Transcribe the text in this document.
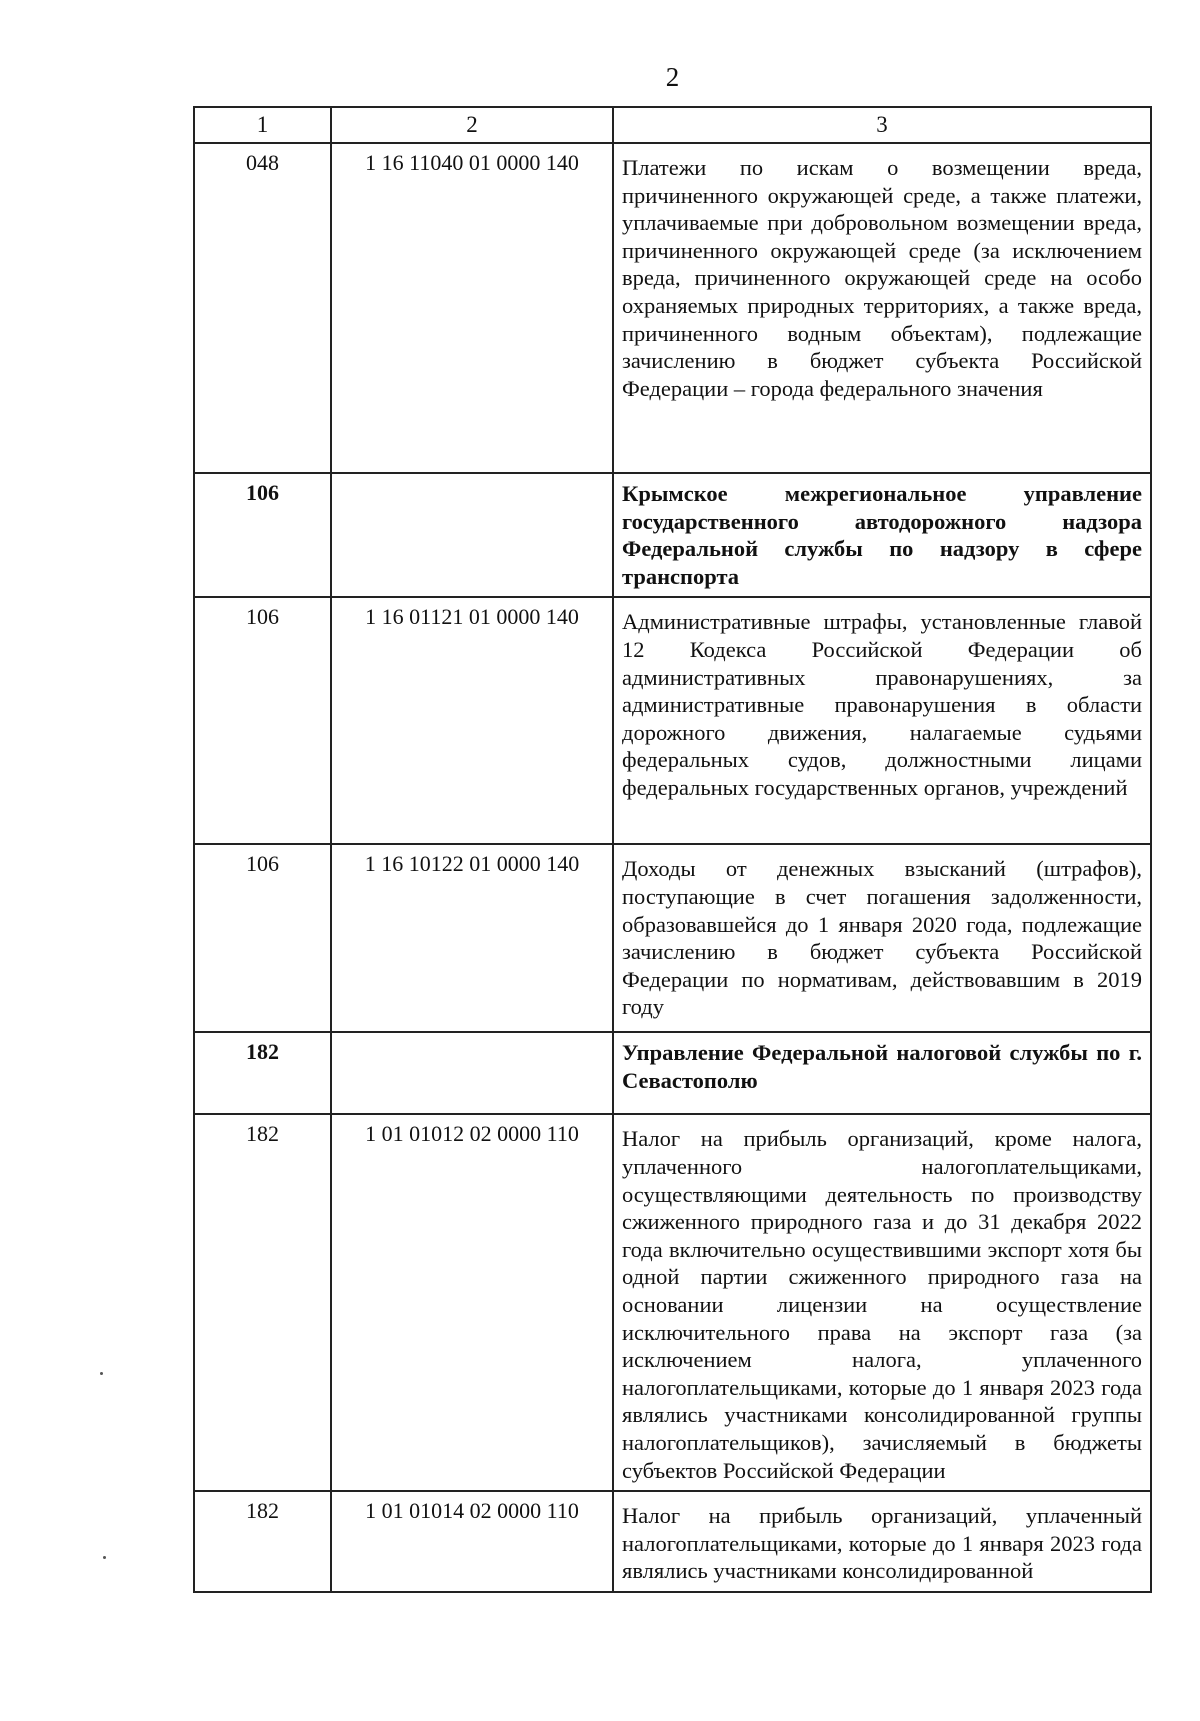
2
1	2	3
048	1 16 11040 01 0000 140	Платежи по искам о возмещении вреда, причиненного окружающей среде, а также платежи, уплачиваемые при добровольном возмещении вреда, причиненного окружающей среде (за исключением вреда, причиненного окружающей среде на особо охраняемых природных территориях, а также вреда, причиненного водным объектам), подлежащие зачислению в бюджет субъекта Российской Федерации – города федерального значения
106		Крымское межрегиональное управление государственного автодорожного надзора Федеральной службы по надзору в сфере транспорта
106	1 16 01121 01 0000 140	Административные штрафы, установленные главой 12 Кодекса Российской Федерации об административных правонарушениях, за административные правонарушения в области дорожного движения, налагаемые судьями федеральных судов, должностными лицами федеральных государственных органов, учреждений
106	1 16 10122 01 0000 140	Доходы от денежных взысканий (штрафов), поступающие в счет погашения задолженности, образовавшейся до 1 января 2020 года, подлежащие зачислению в бюджет субъекта Российской Федерации по нормативам, действовавшим в 2019 году
182		Управление Федеральной налоговой службы по г. Севастополю
182	1 01 01012 02 0000 110	Налог на прибыль организаций, кроме налога, уплаченного налогоплательщиками, осуществляющими деятельность по производству сжиженного природного газа и до 31 декабря 2022 года включительно осуществившими экспорт хотя бы одной партии сжиженного природного газа на основании лицензии на осуществление исключительного права на экспорт газа (за исключением налога, уплаченного налогоплательщиками, которые до 1 января 2023 года являлись участниками консолидированной группы налогоплательщиков), зачисляемый в бюджеты субъектов Российской Федерации
182	1 01 01014 02 0000 110	Налог на прибыль организаций, уплаченный налогоплательщиками, которые до 1 января 2023 года являлись участниками консолидированной
